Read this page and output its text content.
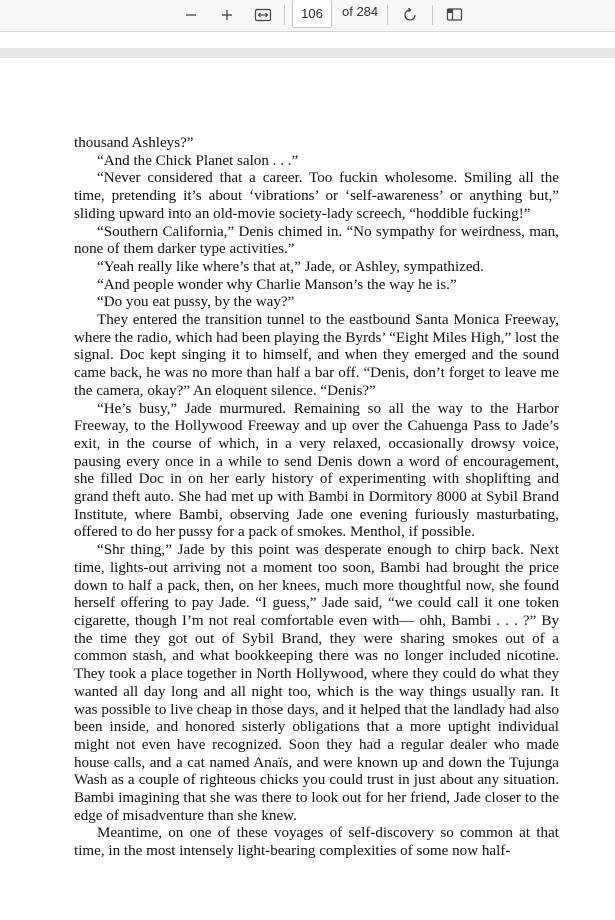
106	of 284

thousand Ashleys?”

“And the Chick Planet salon . . .”

“Never considered that a career. Too fuckin wholesome. Smiling all the time, pretending it’s about ‘vibrations’ or ‘self-awareness’ or anything but,” sliding upward into an old-movie society-lady screech, “hoddible fucking!”

“Southern California,” Denis chimed in. “No sympathy for weirdness, man, none of them darker type activities.”

“Yeah really like where’s that at,” Jade, or Ashley, sympathized.

“And people wonder why Charlie Manson’s the way he is.”

“Do you eat pussy, by the way?”

They entered the transition tunnel to the eastbound Santa Monica Freeway, where the radio, which had been playing the Byrds’ “Eight Miles High,” lost the signal. Doc kept singing it to himself, and when they emerged and the sound came back, he was no more than half a bar off. “Denis, don’t forget to leave me the camera, okay?” An eloquent silence. “Denis?”

“He’s busy,” Jade murmured. Remaining so all the way to the Harbor Freeway, to the Hollywood Freeway and up over the Cahuenga Pass to Jade’s exit, in the course of which, in a very relaxed, occasionally drowsy voice, pausing every once in a while to send Denis down a word of encouragement, she filled Doc in on her early history of experimenting with shoplifting and grand theft auto. She had met up with Bambi in Dormitory 8000 at Sybil Brand Institute, where Bambi, observing Jade one evening furiously masturbating, offered to do her pussy for a pack of smokes. Menthol, if possible.

“Shr thing,” Jade by this point was desperate enough to chirp back. Next time, lights-out arriving not a moment too soon, Bambi had brought the price down to half a pack, then, on her knees, much more thoughtful now, she found herself offering to pay Jade. “I guess,” Jade said, “we could call it one token cigarette, though I’m not real comfortable even with— ohh, Bambi . . . ?” By the time they got out of Sybil Brand, they were sharing smokes out of a common stash, and what bookkeeping there was no longer included nicotine. They took a place together in North Hollywood, where they could do what they wanted all day long and all night too, which is the way things usually ran. It was possible to live cheap in those days, and it helped that the landlady had also been inside, and honored sisterly obligations that a more uptight individual might not even have recognized. Soon they had a regular dealer who made house calls, and a cat named Anaïs, and were known up and down the Tujunga Wash as a couple of righteous chicks you could trust in just about any situation. Bambi imagining that she was there to look out for her friend, Jade closer to the edge of misadventure than she knew.

Meantime, on one of these voyages of self-discovery so common at that time, in the most intensely light-bearing complexities of some now half-
